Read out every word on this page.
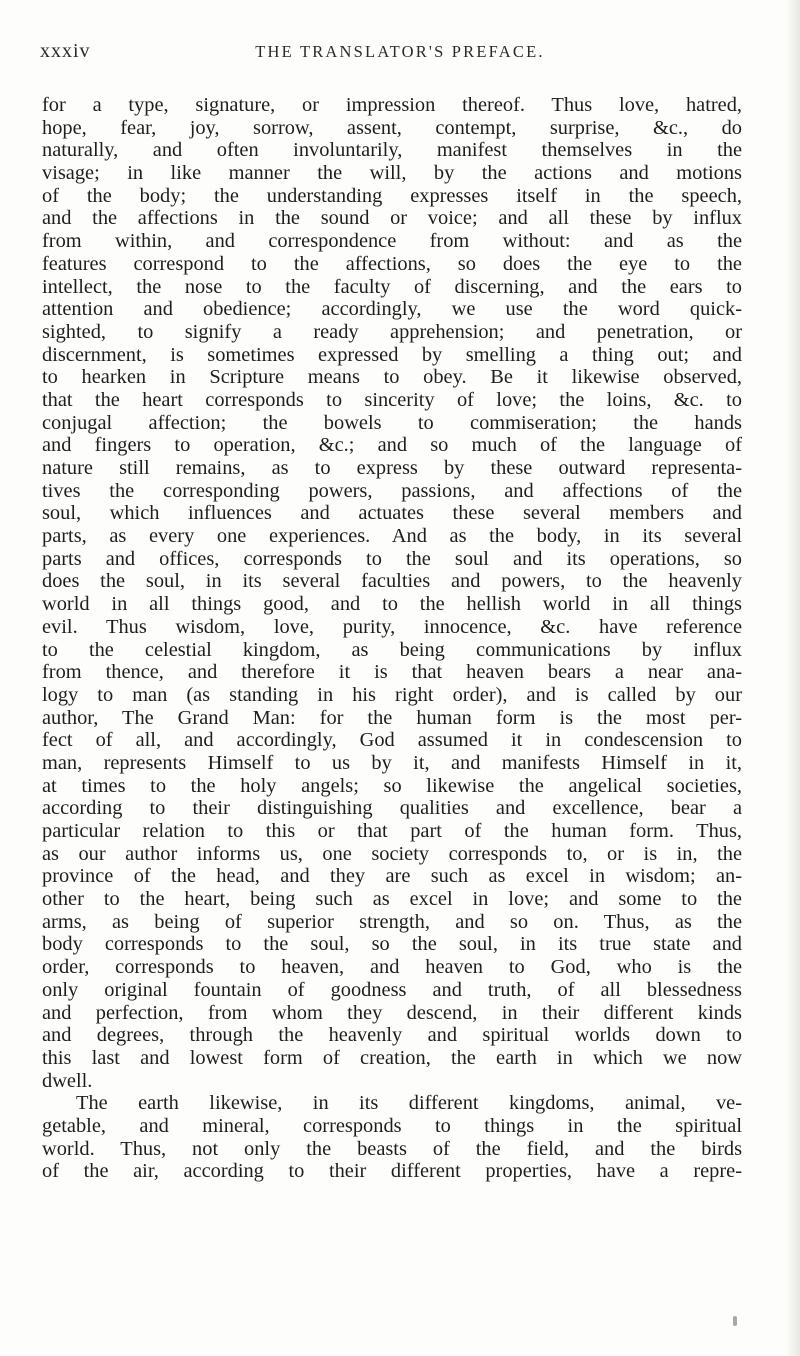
xxxiv	THE TRANSLATOR'S PREFACE.
for a type, signature, or impression thereof. Thus love, hatred,
hope, fear, joy, sorrow, assent, contempt, surprise, &c., do
naturally, and often involuntarily, manifest themselves in the
visage; in like manner the will, by the actions and motions
of the body; the understanding expresses itself in the speech,
and the affections in the sound or voice; and all these by influx
from within, and correspondence from without: and as the
features correspond to the affections, so does the eye to the
intellect, the nose to the faculty of discerning, and the ears to
attention and obedience; accordingly, we use the word quick-
sighted, to signify a ready apprehension; and penetration, or
discernment, is sometimes expressed by smelling a thing out; and
to hearken in Scripture means to obey. Be it likewise observed,
that the heart corresponds to sincerity of love; the loins, &c. to
conjugal affection; the bowels to commiseration; the hands
and fingers to operation, &c.; and so much of the language of
nature still remains, as to express by these outward representa-
tives the corresponding powers, passions, and affections of the
soul, which influences and actuates these several members and
parts, as every one experiences. And as the body, in its several
parts and offices, corresponds to the soul and its operations, so
does the soul, in its several faculties and powers, to the heavenly
world in all things good, and to the hellish world in all things
evil. Thus wisdom, love, purity, innocence, &c. have reference
to the celestial kingdom, as being communications by influx
from thence, and therefore it is that heaven bears a near ana-
logy to man (as standing in his right order), and is called by our
author, The Grand Man: for the human form is the most per-
fect of all, and accordingly, God assumed it in condescension to
man, represents Himself to us by it, and manifests Himself in it,
at times to the holy angels; so likewise the angelical societies,
according to their distinguishing qualities and excellence, bear a
particular relation to this or that part of the human form. Thus,
as our author informs us, one society corresponds to, or is in, the
province of the head, and they are such as excel in wisdom; an-
other to the heart, being such as excel in love; and some to the
arms, as being of superior strength, and so on. Thus, as the
body corresponds to the soul, so the soul, in its true state and
order, corresponds to heaven, and heaven to God, who is the
only original fountain of goodness and truth, of all blessedness
and perfection, from whom they descend, in their different kinds
and degrees, through the heavenly and spiritual worlds down to
this last and lowest form of creation, the earth in which we now
dwell.
The earth likewise, in its different kingdoms, animal, ve-
getable, and mineral, corresponds to things in the spiritual
world. Thus, not only the beasts of the field, and the birds
of the air, according to their different properties, have a repre-
